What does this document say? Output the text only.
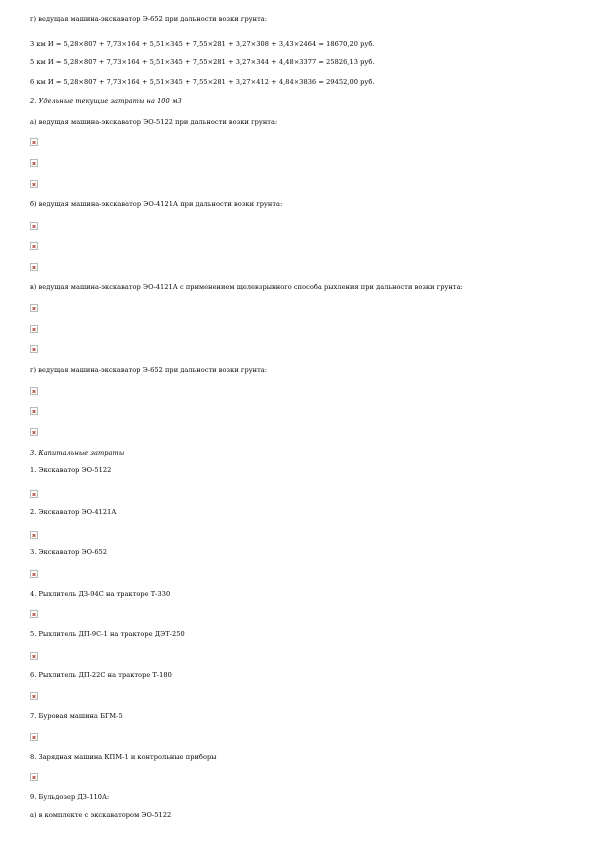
г) ведущая машина-экскаватор Э-652 при дальности возки грунта:
3 км И = 5,28×807 + 7,73×164 + 5,51×345 + 7,55×281 + 3,27×308 + 3,43×2464 = 18670,20 руб.
5 км И = 5,28×807 + 7,73×164 + 5,51×345 + 7,55×281 + 3,27×344 + 4,48×3377 = 25826,13 руб.
6 км И = 5,28×807 + 7,73×164 + 5,51×345 + 7,55×281 + 3,27×412 + 4,84×3836 = 29452,00 руб.
2. Удельные текущие затраты на 100 м3
а) ведущая машина-экскаватор ЭО-5122 при дальности возки грунта:
б) ведущая машина-экскаватор ЭО-4121А при дальности возки грунта:
в) ведущая машина-экскаватор ЭО-4121А с применением щелевзрывного способа рыхления при дальности возки грунта:
г) ведущая машина-экскаватор Э-652 при дальности возки грунта:
3. Капитальные затраты
1. Экскаватор ЭО-5122
2. Экскаватор ЭО-4121А
3. Экскаватор ЭО-652
4. Рыхлитель ДЗ-94С на тракторе Т-330
5. Рыхлитель ДП-9С-1 на тракторе ДЭТ-250
6. Рыхлитель ДП-22С на тракторе Т-180
7. Буровая машина БГМ-5
8. Зарядная машина КПМ-1 и контрольные приборы
9. Бульдозер ДЗ-110А:
а) в комплекте с экскаватором ЭО-5122
